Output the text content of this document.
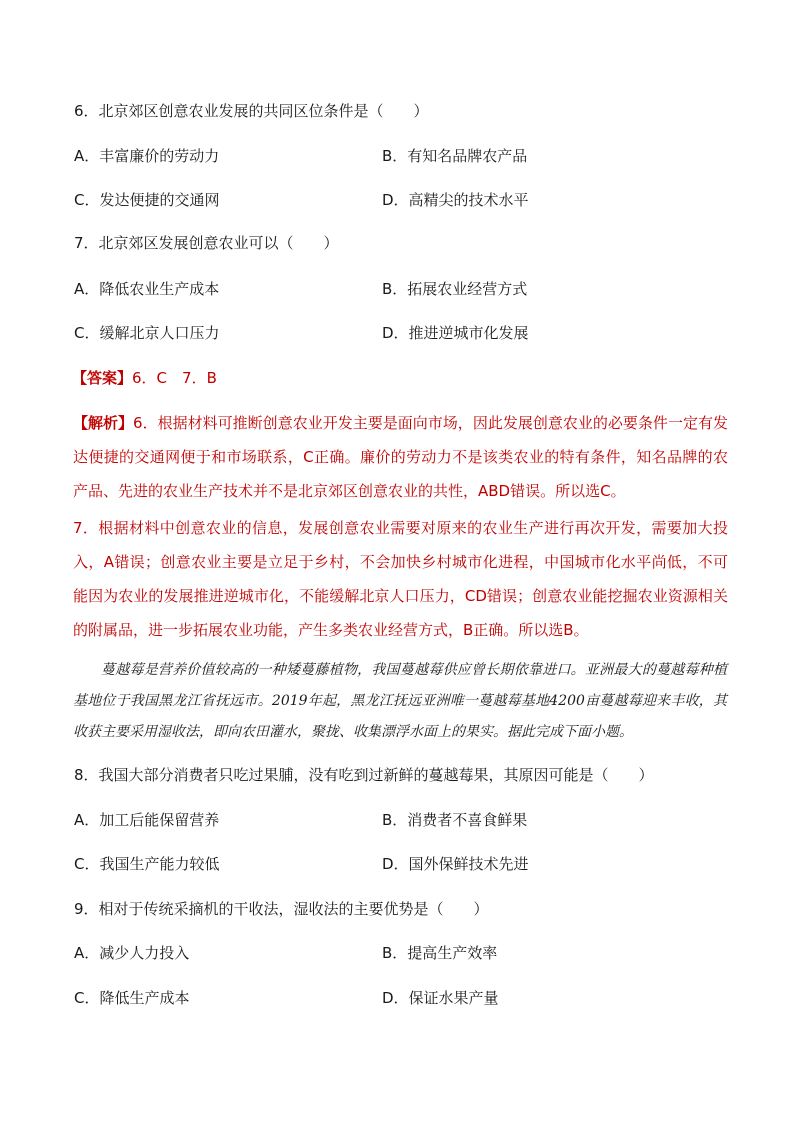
6．北京郊区创意农业发展的共同区位条件是（　　）
A．丰富廉价的劳动力	B．有知名品牌农产品
C．发达便捷的交通网	D．高精尖的技术水平
7．北京郊区发展创意农业可以（　　）
A．降低农业生产成本	B．拓展农业经营方式
C．缓解北京人口压力	D．推进逆城市化发展
【答案】6．C　7．B
【解析】6．根据材料可推断创意农业开发主要是面向市场，因此发展创意农业的必要条件一定有发达便捷的交通网便于和市场联系，C正确。廉价的劳动力不是该类农业的特有条件，知名品牌的农产品、先进的农业生产技术并不是北京郊区创意农业的共性，ABD错误。所以选C。
7．根据材料中创意农业的信息，发展创意农业需要对原来的农业生产进行再次开发，需要加大投入，A错误；创意农业主要是立足于乡村，不会加快乡村城市化进程，中国城市化水平尚低，不可能因为农业的发展推进逆城市化，不能缓解北京人口压力，CD错误；创意农业能挖掘农业资源相关的附属品，进一步拓展农业功能，产生多类农业经营方式，B正确。所以选B。
蔓越莓是营养价值较高的一种矮蔓藤植物，我国蔓越莓供应曾长期依靠进口。亚洲最大的蔓越莓种植基地位于我国黑龙江省抚远市。2019年起，黑龙江抚远亚洲唯一蔓越莓基地4200亩蔓越莓迎来丰收，其收获主要采用湿收法，即向农田灌水，聚拢、收集漂浮水面上的果实。据此完成下面小题。
8．我国大部分消费者只吃过果脯，没有吃到过新鲜的蔓越莓果，其原因可能是（　　）
A．加工后能保留营养	B．消费者不喜食鲜果
C．我国生产能力较低	D．国外保鲜技术先进
9．相对于传统采摘机的干收法，湿收法的主要优势是（　　）
A．减少人力投入	B．提高生产效率
C．降低生产成本	D．保证水果产量
